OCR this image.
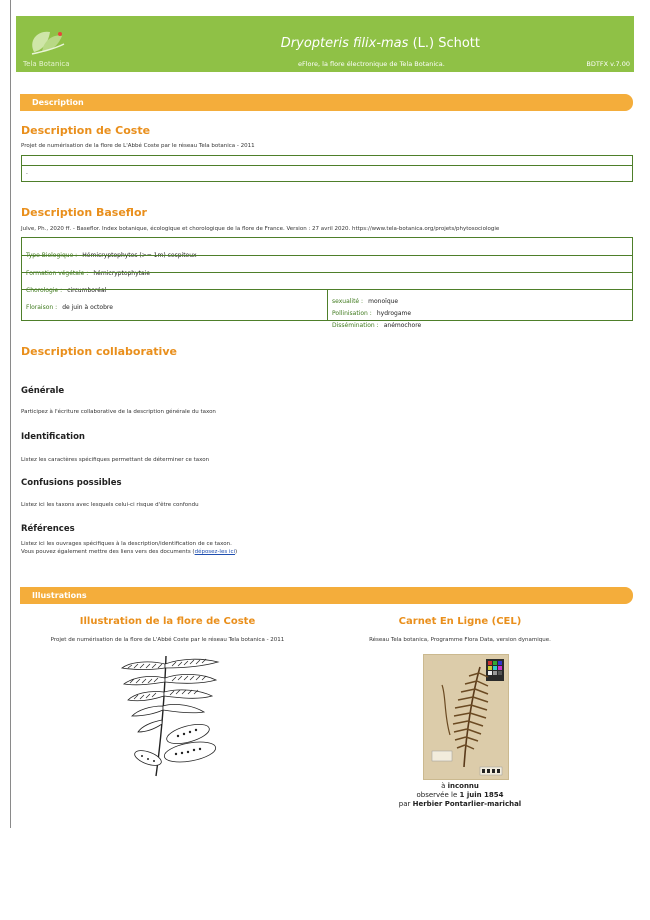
Tela Botanica
Dryopteris filix-mas (L.) Schott
eFlore, la flore électronique de Tela Botanica.	BDTFX v.7.00
Description
Description de Coste
Projet de numérisation de la flore de L'Abbé Coste par le réseau Tela botanica - 2011
.
Description Baseflor
Julve, Ph., 2020 ff. - Baseflor. Index botanique, écologique et chorologique de la flore de France. Version : 27 avril 2020. https://www.tela-botanica.org/projets/phytosociologie
Type Biologique : Hémicryptophytes (>= 1m) cespiteux
Formation végétale : hémicryptophytaie
Chorologie : circumboréal
Floraison : de juin à octobre
sexualité : monoïque
Pollinisation : hydrogame
Dissémination : anémochore
Description collaborative
Générale
Participez à l'écriture collaborative de la description générale du taxon
Identification
Listez les caractères spécifiques permettant de déterminer ce taxon
Confusions possibles
Listez ici les taxons avec lesquels celui-ci risque d'être confondu
Références
Listez ici les ouvrages spécifiques à la description/identification de ce taxon.
Vous pouvez également mettre des liens vers des documents (déposez-les ici)
Illustrations
Illustration de la flore de Coste
Projet de numérisation de la flore de L'Abbé Coste par le réseau Tela botanica - 2011
Carnet En Ligne (CEL)
Réseau Tela botanica, Programme Flora Data, version dynamique.
à inconnu
observée le 1 juin 1854
par Herbier Pontarlier-marichal
